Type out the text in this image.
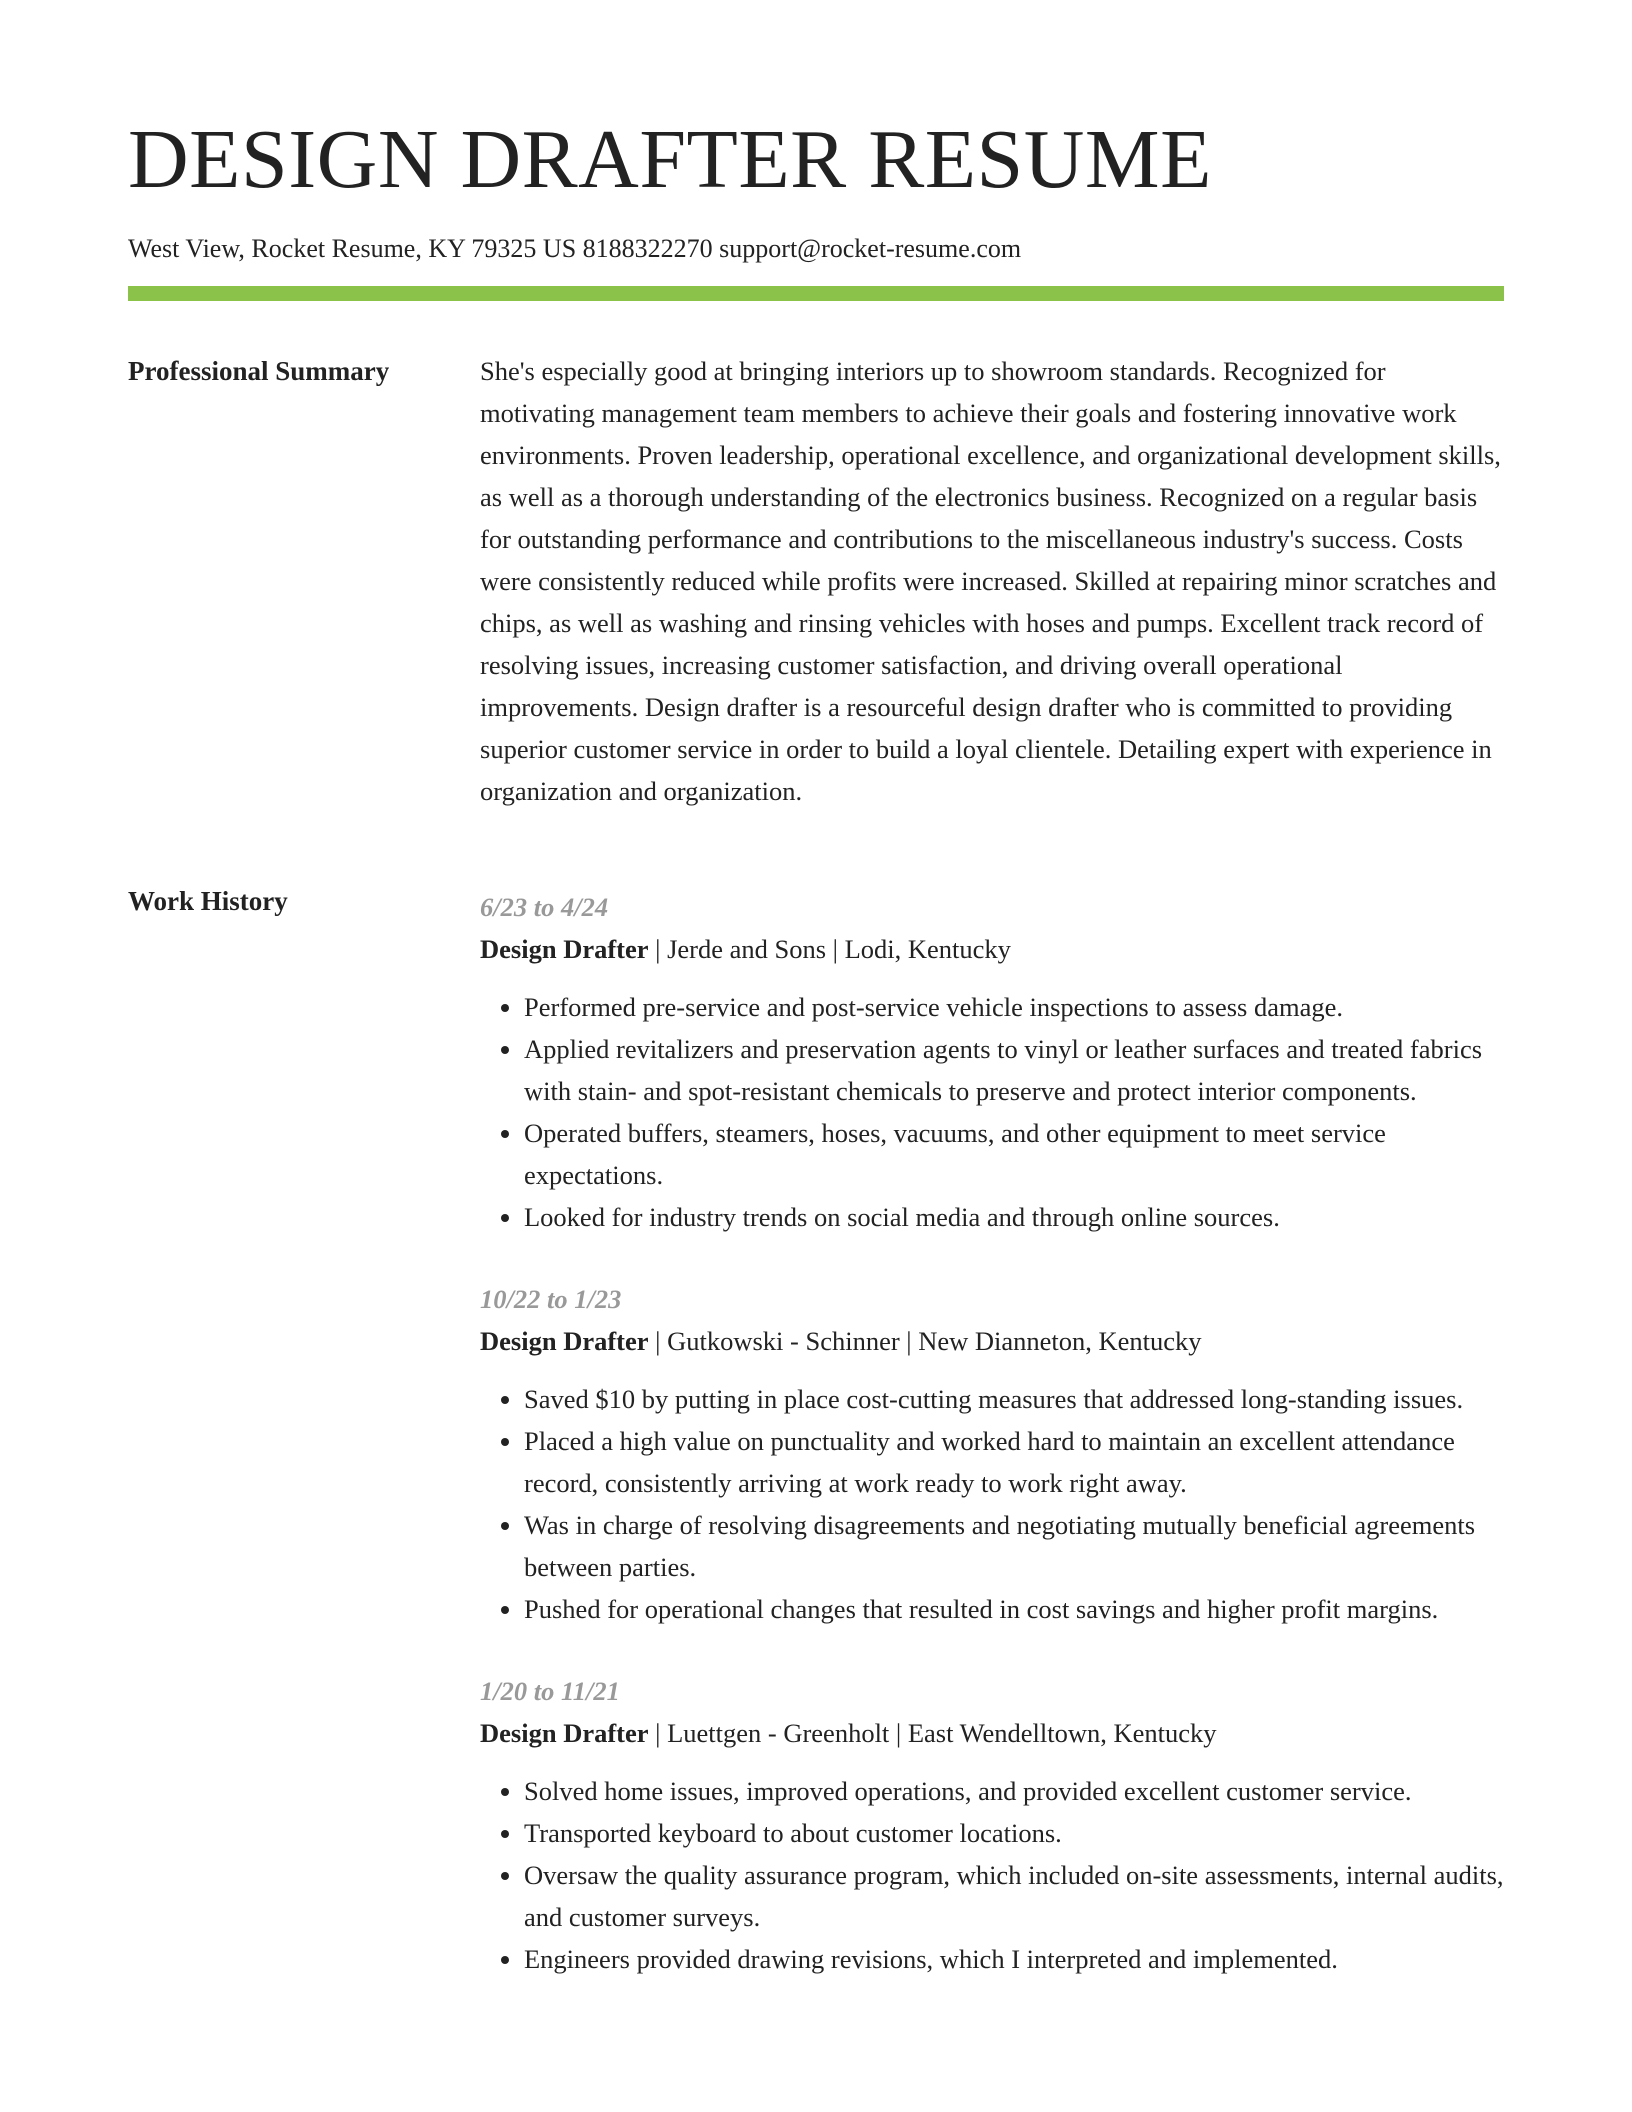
DESIGN DRAFTER RESUME
West View, Rocket Resume, KY 79325 US 8188322270 support@rocket-resume.com
Professional Summary	She's especially good at bringing interiors up to showroom standards. Recognized for motivating management team members to achieve their goals and fostering innovative work environments. Proven leadership, operational excellence, and organizational development skills, as well as a thorough understanding of the electronics business. Recognized on a regular basis for outstanding performance and contributions to the miscellaneous industry's success. Costs were consistently reduced while profits were increased. Skilled at repairing minor scratches and chips, as well as washing and rinsing vehicles with hoses and pumps. Excellent track record of resolving issues, increasing customer satisfaction, and driving overall operational improvements. Design drafter is a resourceful design drafter who is committed to providing superior customer service in order to build a loyal clientele. Detailing expert with experience in organization and organization.
Work History	6/23 to 4/24
Design Drafter | Jerde and Sons | Lodi, Kentucky
• Performed pre-service and post-service vehicle inspections to assess damage.
• Applied revitalizers and preservation agents to vinyl or leather surfaces and treated fabrics with stain- and spot-resistant chemicals to preserve and protect interior components.
• Operated buffers, steamers, hoses, vacuums, and other equipment to meet service expectations.
• Looked for industry trends on social media and through online sources.
10/22 to 1/23
Design Drafter | Gutkowski - Schinner | New Dianneton, Kentucky
• Saved $10 by putting in place cost-cutting measures that addressed long-standing issues.
• Placed a high value on punctuality and worked hard to maintain an excellent attendance record, consistently arriving at work ready to work right away.
• Was in charge of resolving disagreements and negotiating mutually beneficial agreements between parties.
• Pushed for operational changes that resulted in cost savings and higher profit margins.
1/20 to 11/21
Design Drafter | Luettgen - Greenholt | East Wendelltown, Kentucky
• Solved home issues, improved operations, and provided excellent customer service.
• Transported keyboard to about customer locations.
• Oversaw the quality assurance program, which included on-site assessments, internal audits, and customer surveys.
• Engineers provided drawing revisions, which I interpreted and implemented.
